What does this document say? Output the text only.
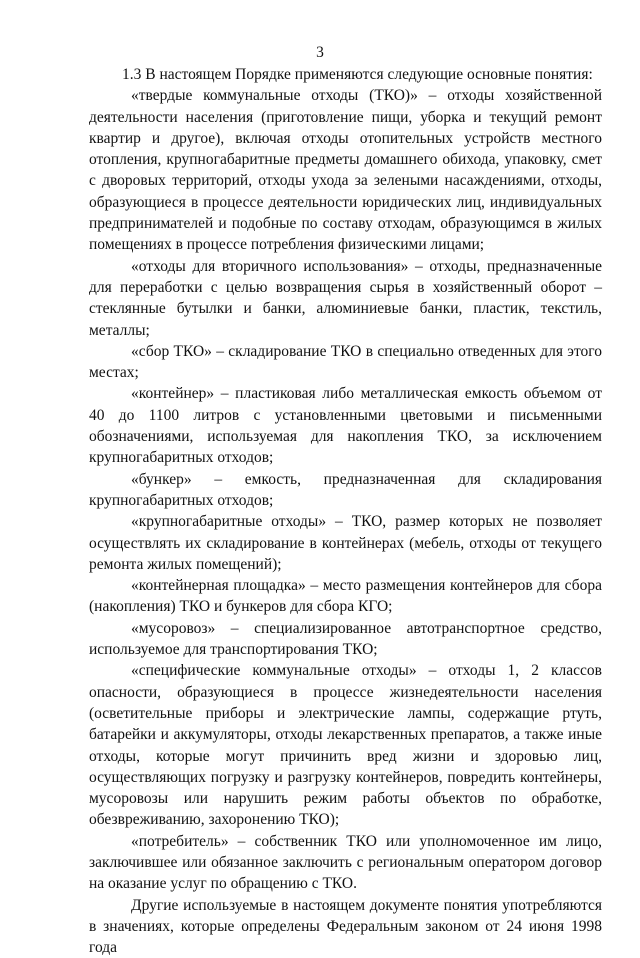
3

1.3 В настоящем Порядке применяются следующие основные понятия:

«твердые коммунальные отходы (ТКО)» – отходы хозяйственной деятельности населения (приготовление пищи, уборка и текущий ремонт квартир и другое), включая отходы отопительных устройств местного отопления, крупногабаритные предметы домашнего обихода, упаковку, смет с дворовых территорий, отходы ухода за зелеными насаждениями, отходы, образующиеся в процессе деятельности юридических лиц, индивидуальных предпринимателей и подобные по составу отходам, образующимся в жилых помещениях в процессе потребления физическими лицами;

«отходы для вторичного использования» – отходы, предназначенные для переработки с целью возвращения сырья в хозяйственный оборот – стеклянные бутылки и банки, алюминиевые банки, пластик, текстиль, металлы;

«сбор ТКО» – складирование ТКО в специально отведенных для этого местах;

«контейнер» – пластиковая либо металлическая емкость объемом от 40 до 1100 литров с установленными цветовыми и письменными обозначениями, используемая для накопления ТКО, за исключением крупногабаритных отходов;

«бункер» – емкость, предназначенная для складирования крупногабаритных отходов;

«крупногабаритные отходы» – ТКО, размер которых не позволяет осуществлять их складирование в контейнерах (мебель, отходы от текущего ремонта жилых помещений);

«контейнерная площадка» – место размещения контейнеров для сбора (накопления) ТКО и бункеров для сбора КГО;

«мусоровоз» – специализированное автотранспортное средство, используемое для транспортирования ТКО;

«специфические коммунальные отходы» – отходы 1, 2 классов опасности, образующиеся в процессе жизнедеятельности населения (осветительные приборы и электрические лампы, содержащие ртуть, батарейки и аккумуляторы, отходы лекарственных препаратов, а также иные отходы, которые могут причинить вред жизни и здоровью лиц, осуществляющих погрузку и разгрузку контейнеров, повредить контейнеры, мусоровозы или нарушить режим работы объектов по обработке, обезвреживанию, захоронению ТКО);

«потребитель» – собственник ТКО или уполномоченное им лицо, заключившее или обязанное заключить с региональным оператором договор на оказание услуг по обращению с ТКО.

Другие используемые в настоящем документе понятия употребляются в значениях, которые определены Федеральным законом от 24 июня 1998 года
